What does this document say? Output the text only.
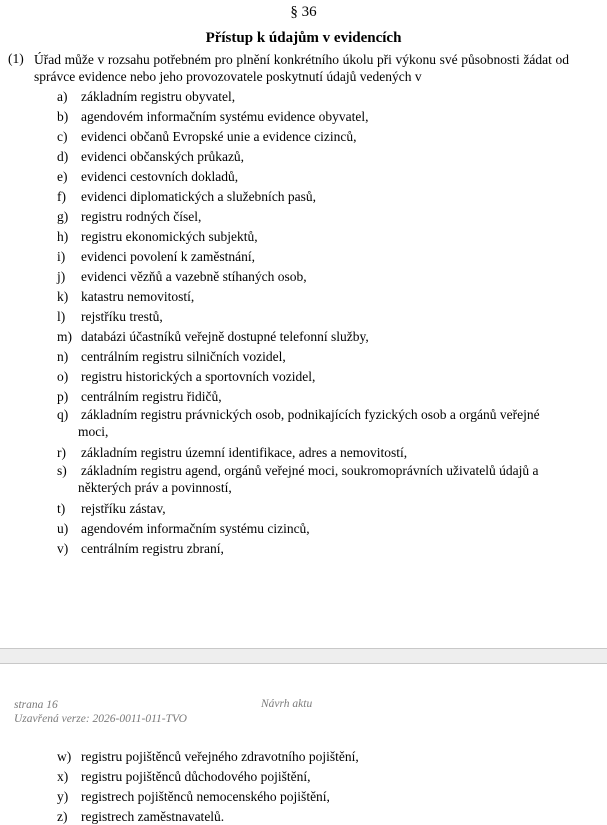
§ 36
Přístup k údajům v evidencích
(1) Úřad může v rozsahu potřebném pro plnění konkrétního úkolu při výkonu své působnosti žádat od správce evidence nebo jeho provozovatele poskytnutí údajů vedených v
strana 16
Uzavřená verze: 2026-0011-011-TVO
Návrh aktu
a) základním registru obyvatel,
b) agendovém informačním systému evidence obyvatel,
c) evidenci občanů Evropské unie a evidence cizinců,
d) evidenci občanských průkazů,
e) evidenci cestovních dokladů,
f) evidenci diplomatických a služebních pasů,
g) registru rodných čísel,
h) registru ekonomických subjektů,
i) evidenci povolení k zaměstnání,
j) evidenci vězňů a vazebně stíhaných osob,
k) katastru nemovitostí,
l) rejstříku trestů,
m) databázi účastníků veřejně dostupné telefonní služby,
n) centrálním registru silničních vozidel,
o) registru historických a sportovních vozidel,
p) centrálním registru řidičů,
q) základním registru právnických osob, podnikajících fyzických osob a orgánů veřejné
moci,
r) základním registru územní identifikace, adres a nemovitostí,
s) základním registru agend, orgánů veřejné moci, soukromoprávních uživatelů údajů a
některých práv a povinností,
t) rejstříku zástav,
u) agendovém informačním systému cizinců,
v) centrálním registru zbraní,
w) registru pojištěnců veřejného zdravotního pojištění,
x) registru pojištěnců důchodového pojištění,
y) registrech pojištěnců nemocenského pojištění,
z) registrech zaměstnavatelů.
